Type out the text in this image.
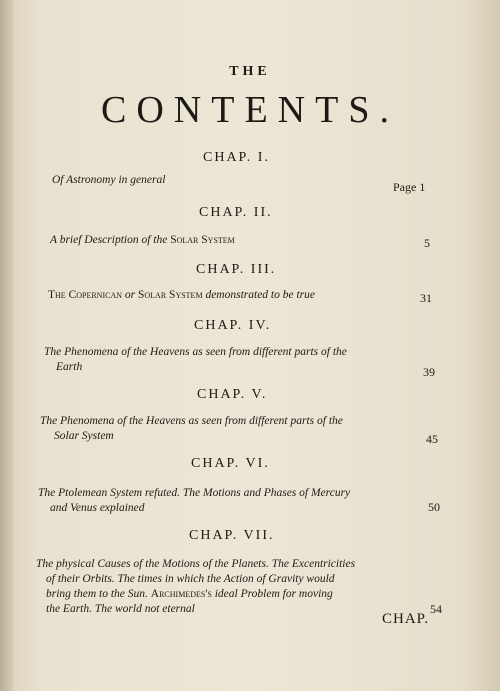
THE
CONTENTS.
CHAP. I.
Of Astronomy in general	Page 1
CHAP. II.
A brief Description of the Solar System	5
CHAP. III.
The Copernican or Solar System demonstrated to be true	31
CHAP. IV.
The Phenomena of the Heavens as seen from different parts of the
Earth	39
CHAP. V.
The Phenomena of the Heavens as seen from different parts of the
Solar System	45
CHAP. VI.
The Ptolemean System refuted. The Motions and Phases of Mercury
and Venus explained	50
CHAP. VII.
The physical Causes of the Motions of the Planets. The Excentricities
of their Orbits. The times in which the Action of Gravity would
bring them to the Sun. Archimedes's ideal Problem for moving
the Earth. The world not eternal	54
CHAP.
